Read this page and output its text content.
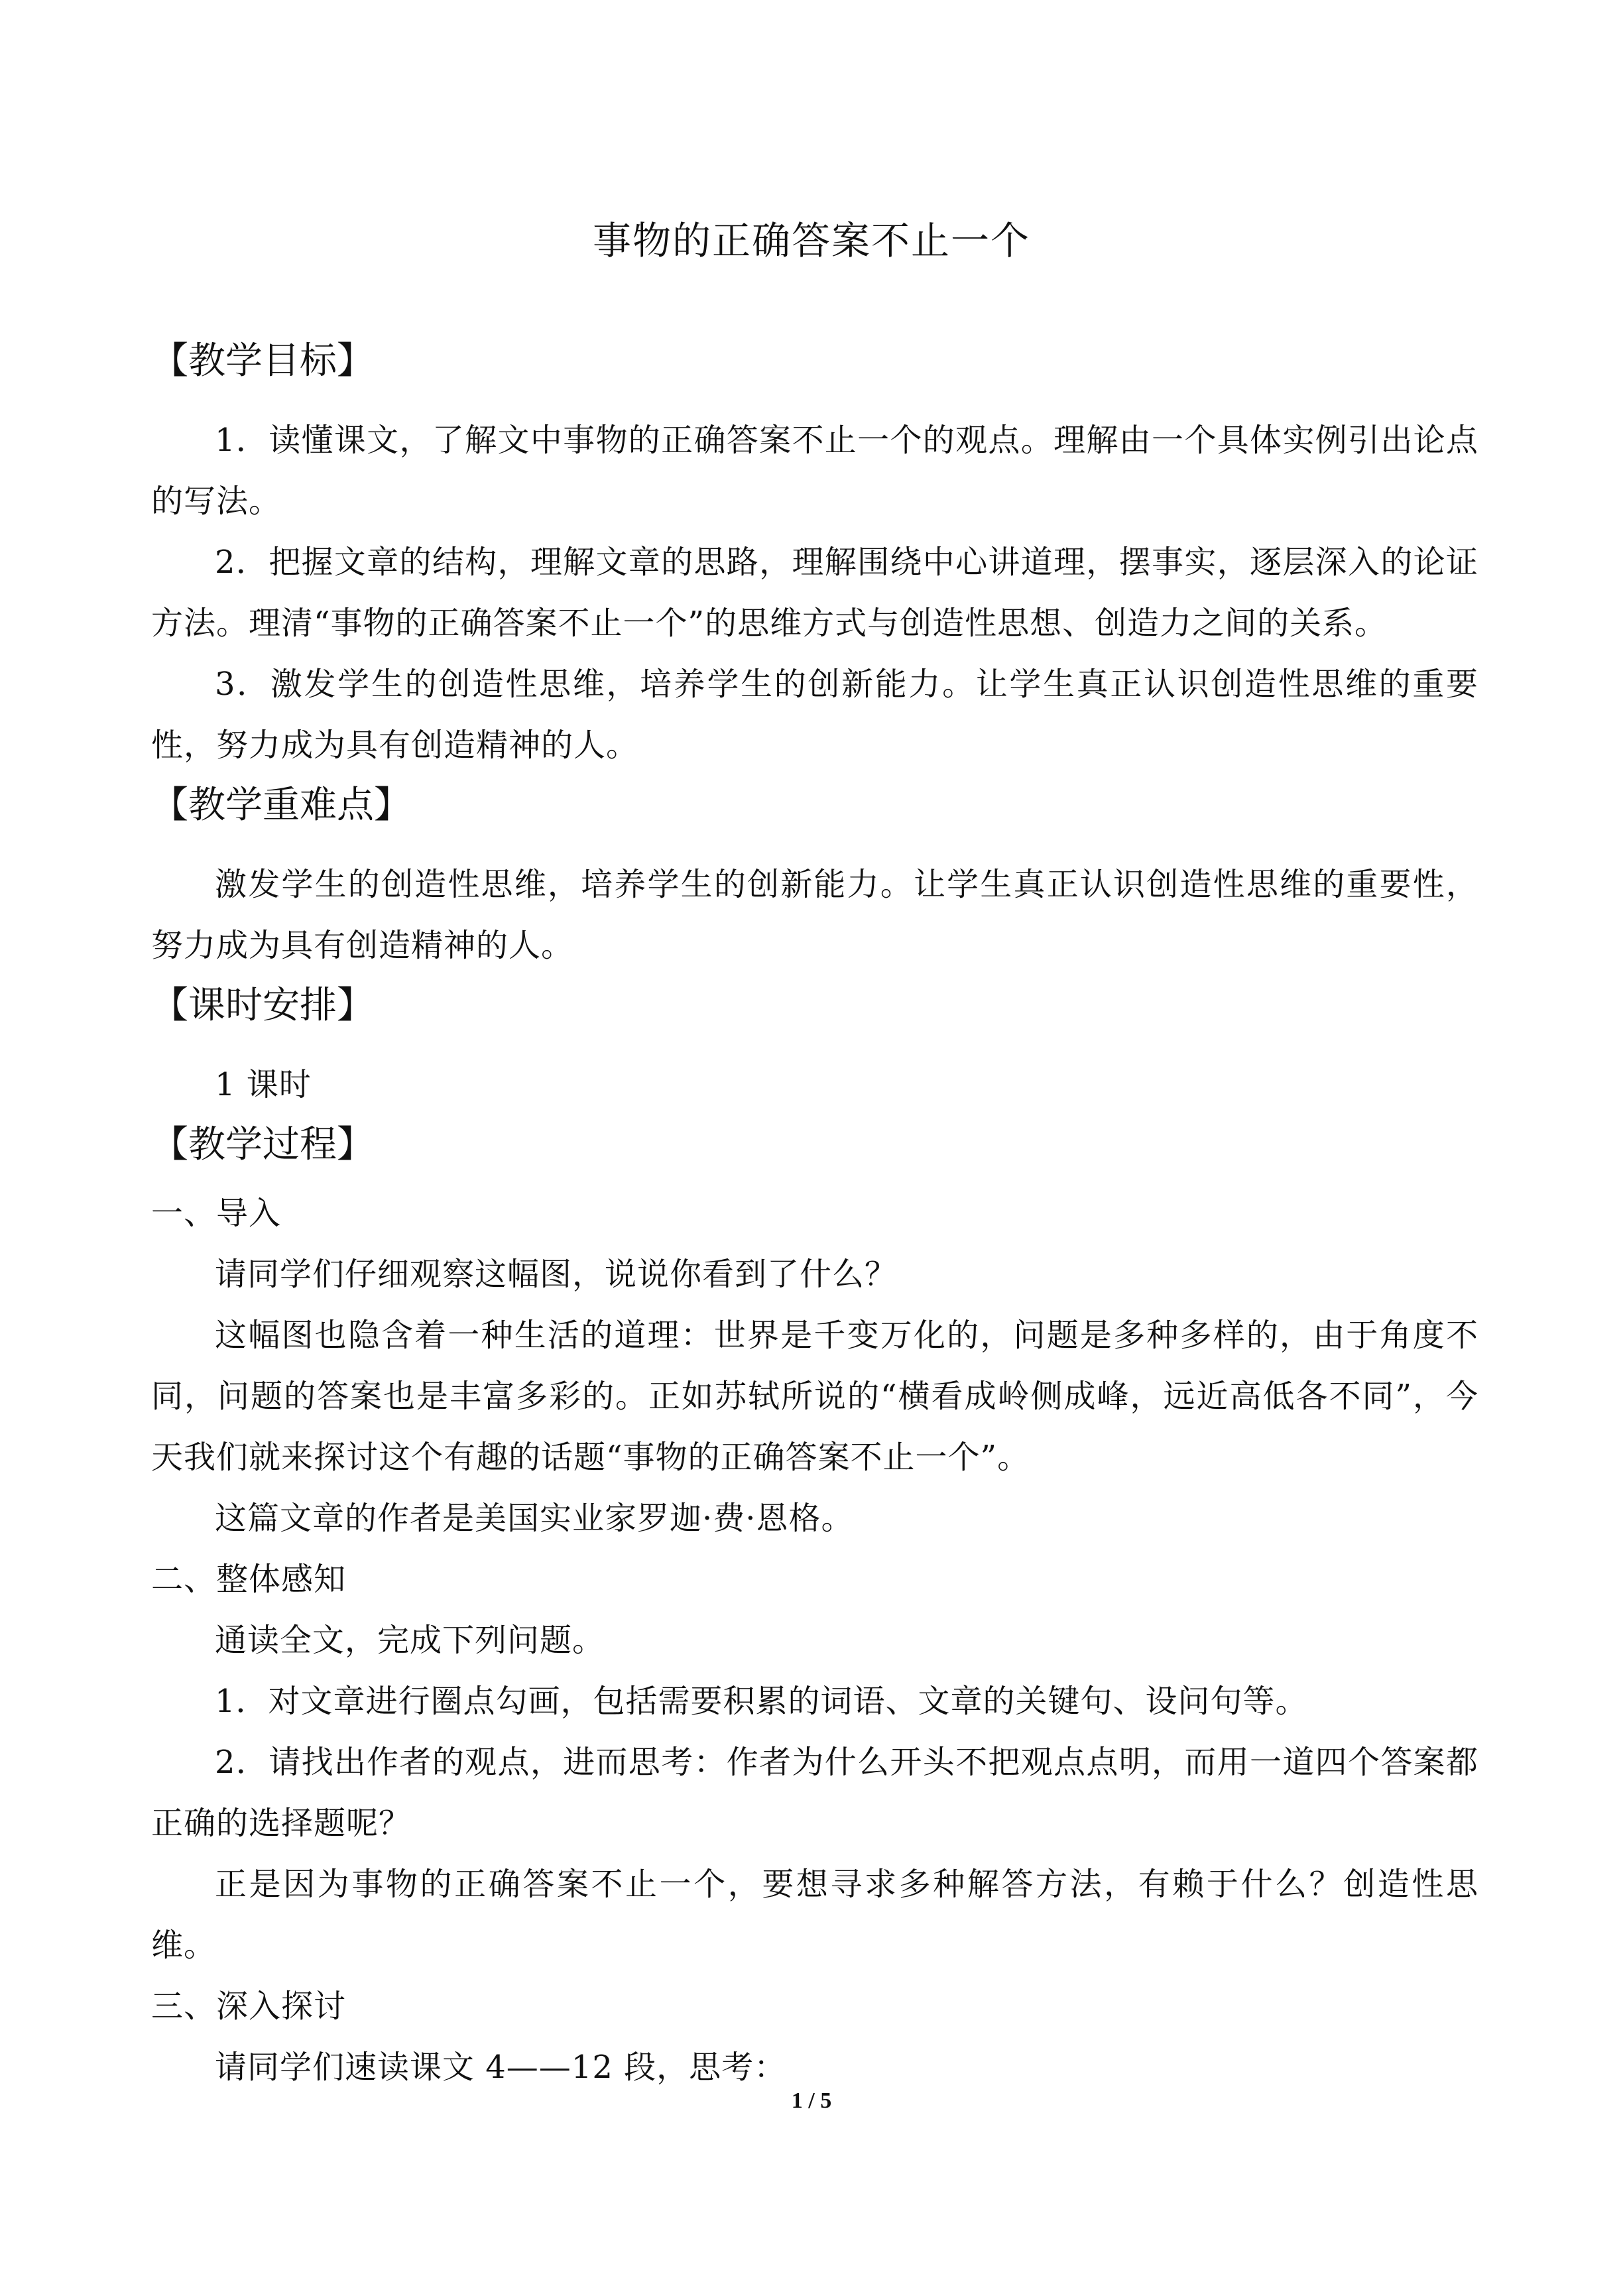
事物的正确答案不止一个
【教学目标】

1．读懂课文，了解文中事物的正确答案不止一个的观点。理解由一个具体实例引出论点的写法。

2．把握文章的结构，理解文章的思路，理解围绕中心讲道理，摆事实，逐层深入的论证方法。理清“事物的正确答案不止一个”的思维方式与创造性思想、创造力之间的关系。

3．激发学生的创造性思维，培养学生的创新能力。让学生真正认识创造性思维的重要性，努力成为具有创造精神的人。

【教学重难点】

激发学生的创造性思维，培养学生的创新能力。让学生真正认识创造性思维的重要性，努力成为具有创造精神的人。

【课时安排】

1 课时

【教学过程】

一、导入

请同学们仔细观察这幅图，说说你看到了什么？

这幅图也隐含着一种生活的道理：世界是千变万化的，问题是多种多样的，由于角度不同，问题的答案也是丰富多彩的。正如苏轼所说的“横看成岭侧成峰，远近高低各不同”，今天我们就来探讨这个有趣的话题“事物的正确答案不止一个”。

这篇文章的作者是美国实业家罗迦·费·恩格。

二、整体感知

通读全文，完成下列问题。

1．对文章进行圈点勾画，包括需要积累的词语、文章的关键句、设问句等。

2．请找出作者的观点，进而思考：作者为什么开头不把观点点明，而用一道四个答案都正确的选择题呢？

正是因为事物的正确答案不止一个，要想寻求多种解答方法，有赖于什么？创造性思维。

三、深入探讨

请同学们速读课文 4——12 段，思考：

1 / 5
